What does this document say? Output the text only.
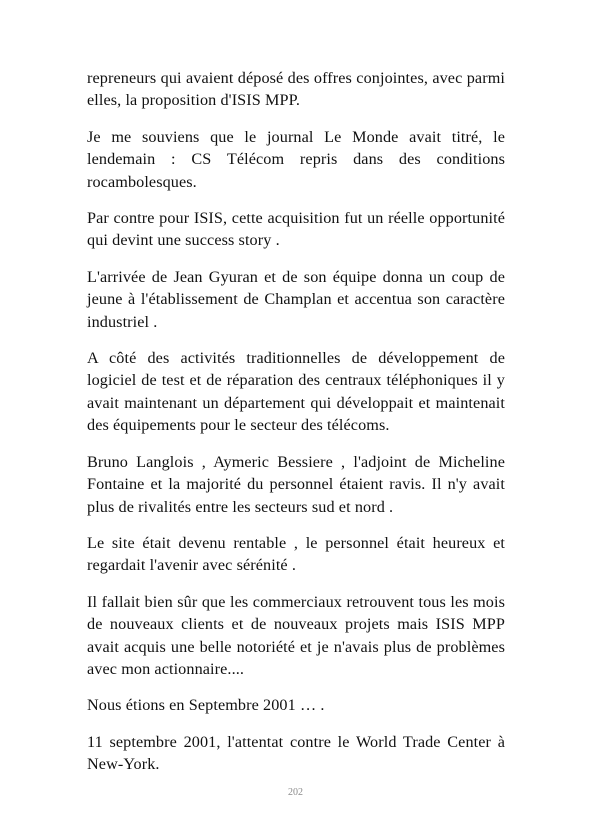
repreneurs qui avaient déposé des offres conjointes, avec parmi elles, la proposition d'ISIS MPP.

Je me souviens que le journal Le Monde avait titré, le lendemain : CS Télécom repris dans des conditions rocambolesques.

Par contre pour ISIS, cette acquisition fut un réelle opportunité qui devint une success story .

L'arrivée de Jean Gyuran et de son équipe donna un coup de jeune à l'établissement de Champlan et accentua son caractère industriel .

A côté des activités traditionnelles de développement de logiciel de test et de réparation des centraux téléphoniques il y avait maintenant un département qui développait et maintenait des équipements pour le secteur des télécoms.

Bruno Langlois , Aymeric Bessiere , l'adjoint de Micheline Fontaine et la majorité du personnel étaient ravis. Il n'y avait plus de rivalités entre les secteurs sud et nord .

Le site était devenu rentable , le personnel était heureux et regardait l'avenir avec sérénité .

Il fallait bien sûr que les commerciaux retrouvent tous les mois de nouveaux clients et de nouveaux projets mais ISIS MPP avait acquis une belle notoriété et je n'avais plus de problèmes avec mon actionnaire....

Nous étions en Septembre 2001 … .

11 septembre 2001, l'attentat contre le World Trade Center à New-York.

202
